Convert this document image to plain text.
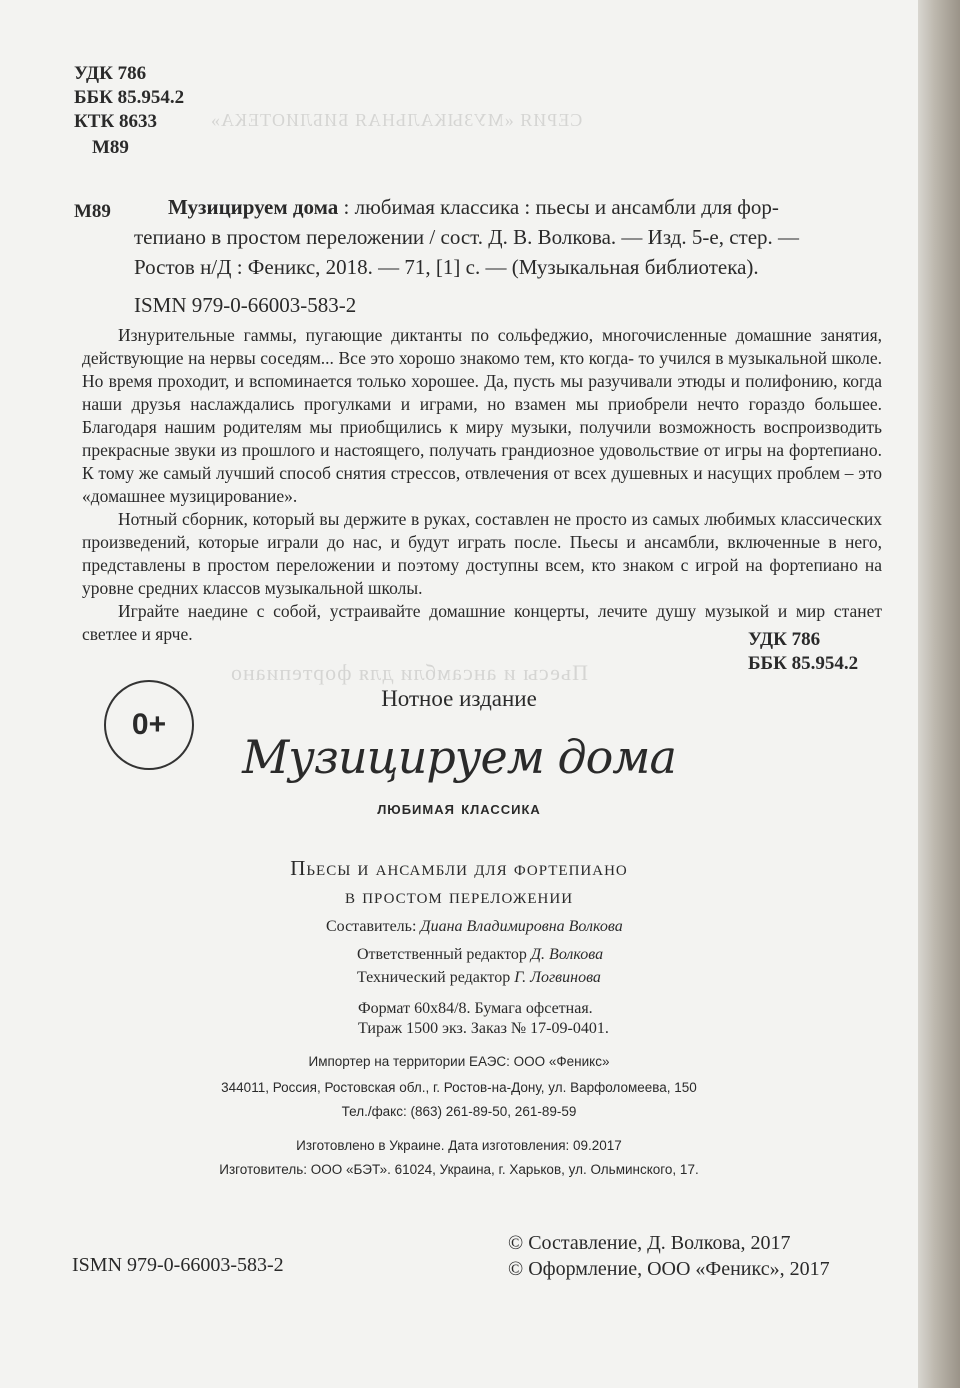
СЕРИЯ «МУЗЫКАЛЬНАЯ БИБЛИОТЕКА»
Пьесы и ансамбли для фортепиано
УДК 786
ББК 85.954.2
КТК 8633
М89
М89	Музицируем дома : любимая классика : пьесы и ансамбли для фор-
тепиано в простом переложении / сост. Д. В. Волкова. — Изд. 5-е, стер. —
Ростов н/Д : Феникс, 2018. — 71, [1] с. — (Музыкальная библиотека).
ISMN 979-0-66003-583-2

Изнурительные гаммы, пугающие диктанты по сольфеджио, многочисленные домашние занятия, действующие на нервы соседям... Все это хорошо знакомо тем, кто когда- то учился в музыкальной школе. Но время проходит, и вспоминается только хорошее. Да, пусть мы разучивали этюды и полифонию, когда наши друзья наслаждались прогулками и играми, но взамен мы приобрели нечто гораздо большее. Благодаря нашим родителям мы приобщились к миру музыки, получили возможность воспроизводить прекрасные звуки из прошлого и настоящего, получать грандиозное удовольствие от игры на фортепиано. К тому же самый лучший способ снятия стрессов, отвлечения от всех душевных и насущих проблем – это «домашнее музицирование».

Нотный сборник, который вы держите в руках, составлен не просто из самых любимых классических произведений, которые играли до нас, и будут играть после. Пьесы и ансамбли, включенные в него, представлены в простом переложении и поэтому доступны всем, кто знаком с игрой на фортепиано на уровне средних классов музыкальной школы.

Играйте наедине с собой, устраивайте домашние концерты, лечите душу музыкой и мир станет светлее и ярче.	УДК 786
ББК 85.954.2
0+
Нотное издание
Музицируем дома
любимая классика
Пьесы и ансамбли для фортепиано
в простом переложении
Составитель: Диана Владимировна Волкова
Ответственный редактор Д. Волкова
Технический редактор Г. Логвинова
Формат 60х84/8. Бумага офсетная.
Тираж 1500 экз. Заказ № 17-09-0401.
Импортер на территории ЕАЭС: ООО «Феникс»
344011, Россия, Ростовская обл., г. Ростов-на-Дону, ул. Варфоломеева, 150
Тел./факс: (863) 261-89-50, 261-89-59
Изготовлено в Украине. Дата изготовления: 09.2017
Изготовитель: ООО «БЭТ». 61024, Украина, г. Харьков, ул. Ольминского, 17.
ISMN 979-0-66003-583-2
© Составление, Д. Волкова, 2017
© Оформление, ООО «Феникс», 2017
